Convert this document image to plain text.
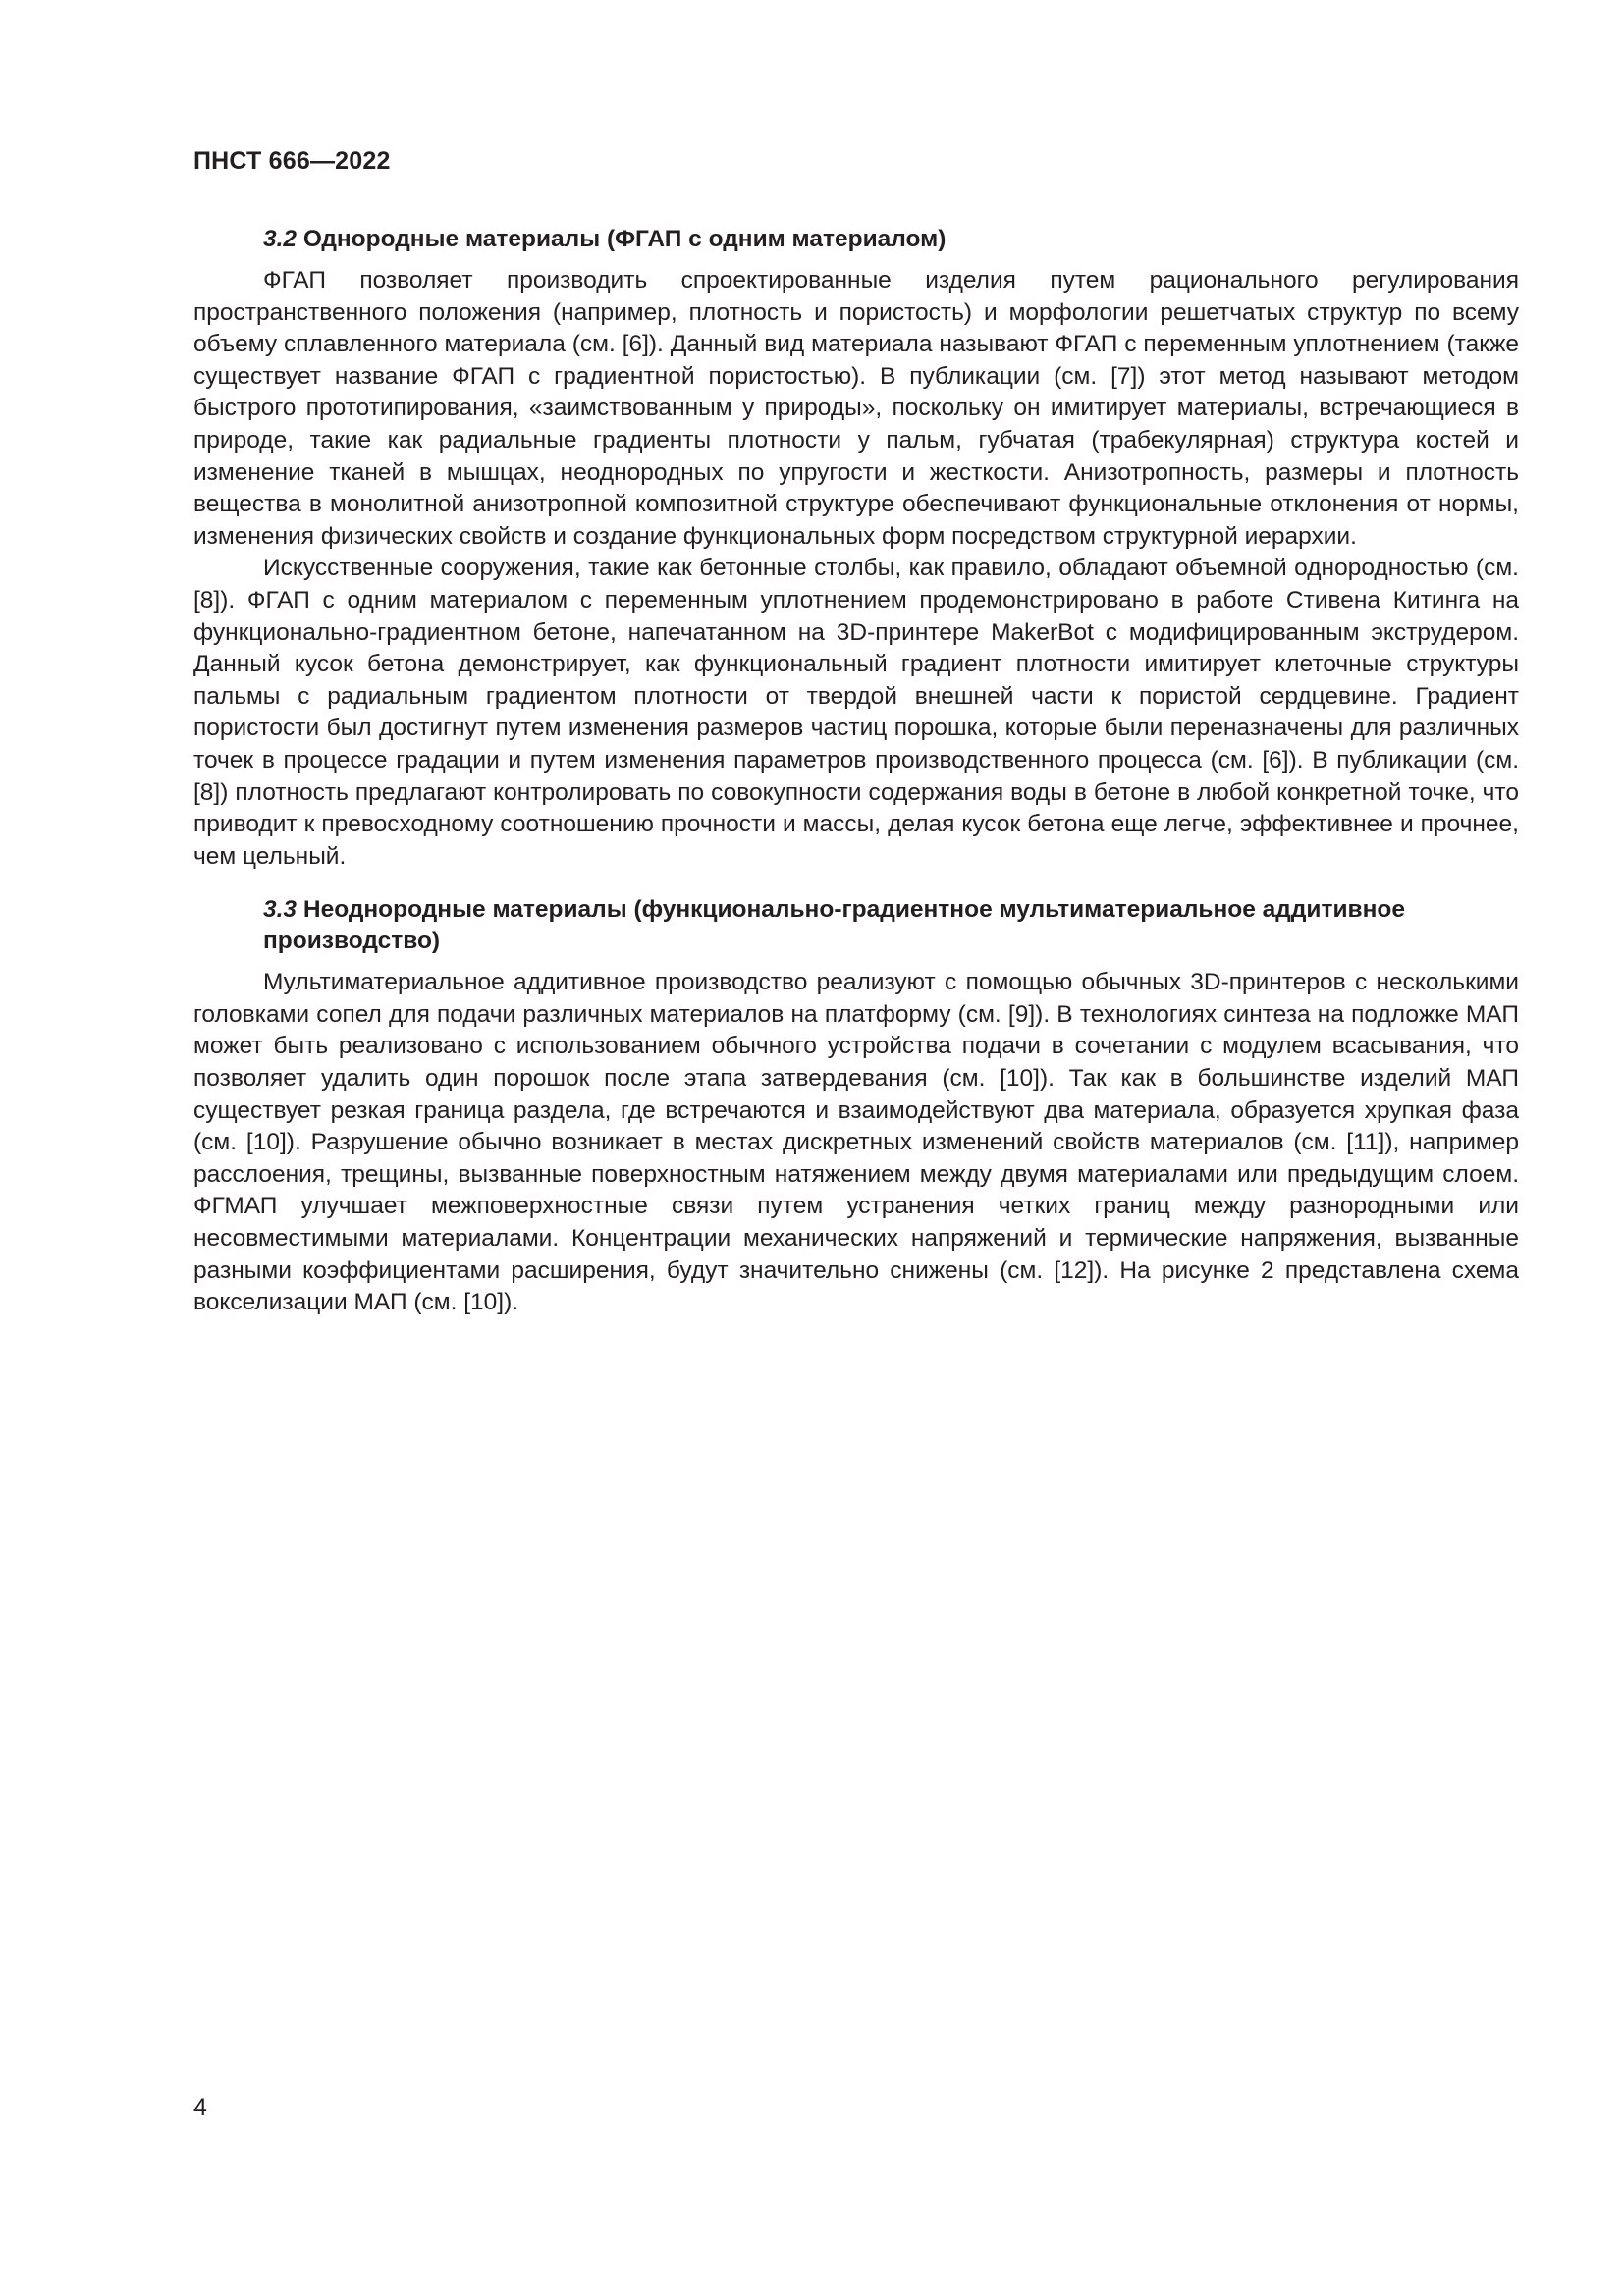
ПНСТ 666—2022
3.2 Однородные материалы (ФГАП с одним материалом)

ФГАП позволяет производить спроектированные изделия путем рационального регулирования пространственного положения (например, плотность и пористость) и морфологии решетчатых структур по всему объему сплавленного материала (см. [6]). Данный вид материала называют ФГАП с переменным уплотнением (также существует название ФГАП с градиентной пористостью). В публикации (см. [7]) этот метод называют методом быстрого прототипирования, «заимствованным у природы», поскольку он имитирует материалы, встречающиеся в природе, такие как радиальные градиенты плотности у пальм, губчатая (трабекулярная) структура костей и изменение тканей в мышцах, неоднородных по упругости и жесткости. Анизотропность, размеры и плотность вещества в монолитной анизотропной композитной структуре обеспечивают функциональные отклонения от нормы, изменения физических свойств и создание функциональных форм посредством структурной иерархии.

Искусственные сооружения, такие как бетонные столбы, как правило, обладают объемной однородностью (см. [8]). ФГАП с одним материалом с переменным уплотнением продемонстрировано в работе Стивена Китинга на функционально-градиентном бетоне, напечатанном на 3D-принтере MakerBot с модифицированным экструдером. Данный кусок бетона демонстрирует, как функциональный градиент плотности имитирует клеточные структуры пальмы с радиальным градиентом плотности от твердой внешней части к пористой сердцевине. Градиент пористости был достигнут путем изменения размеров частиц порошка, которые были переназначены для различных точек в процессе градации и путем изменения параметров производственного процесса (см. [6]). В публикации (см. [8]) плотность предлагают контролировать по совокупности содержания воды в бетоне в любой конкретной точке, что приводит к превосходному соотношению прочности и массы, делая кусок бетона еще легче, эффективнее и прочнее, чем цельный.

3.3 Неоднородные материалы (функционально-градиентное мультиматериальное аддитивное производство)

Мультиматериальное аддитивное производство реализуют с помощью обычных 3D-принтеров с несколькими головками сопел для подачи различных материалов на платформу (см. [9]). В технологиях синтеза на подложке МАП может быть реализовано с использованием обычного устройства подачи в сочетании с модулем всасывания, что позволяет удалить один порошок после этапа затвердевания (см. [10]). Так как в большинстве изделий МАП существует резкая граница раздела, где встречаются и взаимодействуют два материала, образуется хрупкая фаза (см. [10]). Разрушение обычно возникает в местах дискретных изменений свойств материалов (см. [11]), например расслоения, трещины, вызванные поверхностным натяжением между двумя материалами или предыдущим слоем. ФГМАП улучшает межповерхностные связи путем устранения четких границ между разнородными или несовместимыми материалами. Концентрации механических напряжений и термические напряжения, вызванные разными коэффициентами расширения, будут значительно снижены (см. [12]). На рисунке 2 представлена схема вокселизации МАП (см. [10]).

4
